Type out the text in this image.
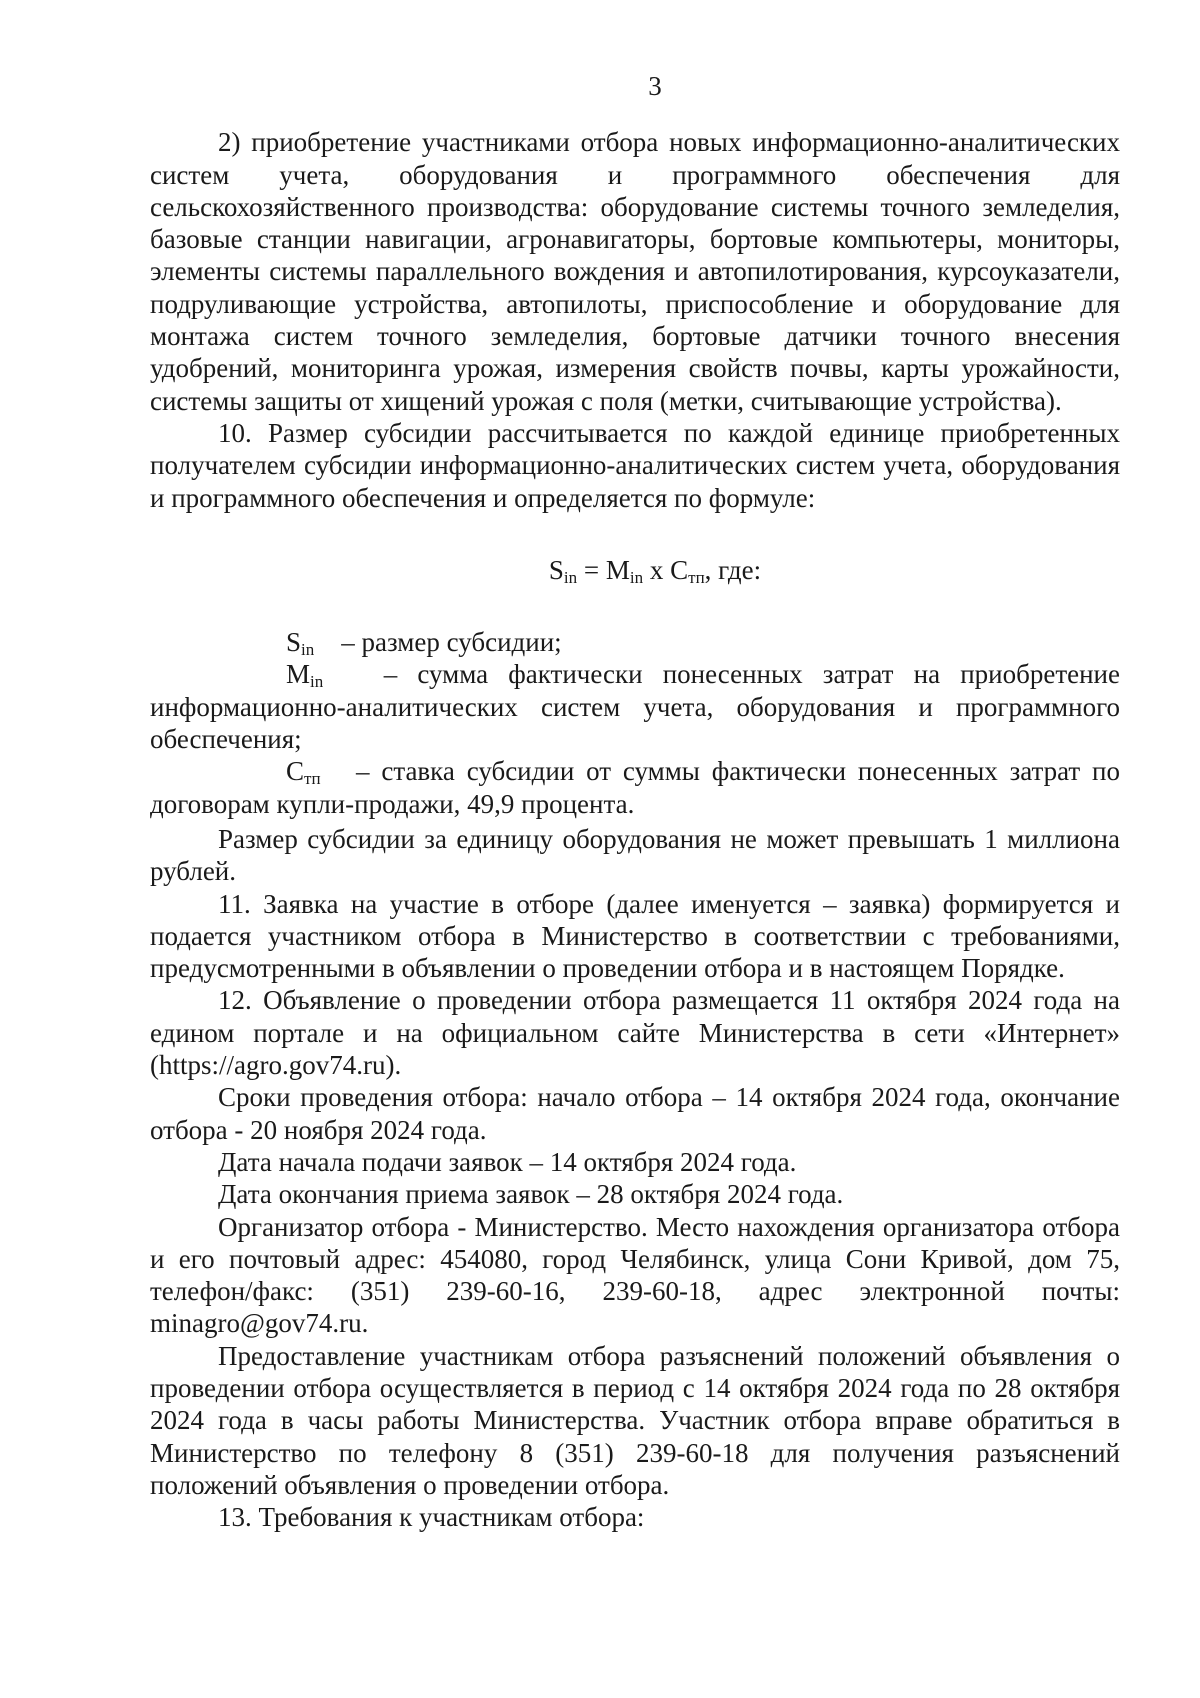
3

2) приобретение участниками отбора новых информационно-аналитических систем учета, оборудования и программного обеспечения для сельскохозяйственного производства: оборудование системы точного земледелия, базовые станции навигации, агронавигаторы, бортовые компьютеры, мониторы, элементы системы параллельного вождения и автопилотирования, курсоуказатели, подруливающие устройства, автопилоты, приспособление и оборудование для монтажа систем точного земледелия, бортовые датчики точного внесения удобрений, мониторинга урожая, измерения свойств почвы, карты урожайности, системы защиты от хищений урожая с поля (метки, считывающие устройства).

10. Размер субсидии рассчитывается по каждой единице приобретенных получателем субсидии информационно-аналитических систем учета, оборудования и программного обеспечения и определяется по формуле:

$S_{in} = M_{in}$ x $C_{тп}$, где:

$S_{in}$ – размер субсидии;

$M_{in}$ – сумма фактически понесенных затрат на приобретение информационно-аналитических систем учета, оборудования и программного обеспечения;

$C_{тп}$ – ставка субсидии от суммы фактически понесенных затрат по договорам купли-продажи, 49,9 процента.

Размер субсидии за единицу оборудования не может превышать 1 миллиона рублей.

11. Заявка на участие в отборе (далее именуется – заявка) формируется и подается участником отбора в Министерство в соответствии с требованиями, предусмотренными в объявлении о проведении отбора и в настоящем Порядке.

12. Объявление о проведении отбора размещается 11 октября 2024 года на едином портале и на официальном сайте Министерства в сети «Интернет» (https://agro.gov74.ru).

Сроки проведения отбора: начало отбора – 14 октября 2024 года, окончание отбора - 20 ноября 2024 года.

Дата начала подачи заявок – 14 октября 2024 года.

Дата окончания приема заявок – 28 октября 2024 года.

Организатор отбора - Министерство. Место нахождения организатора отбора и его почтовый адрес: 454080, город Челябинск, улица Сони Кривой, дом 75, телефон/факс: (351) 239-60-16, 239-60-18, адрес электронной почты: minagro@gov74.ru.

Предоставление участникам отбора разъяснений положений объявления о проведении отбора осуществляется в период с 14 октября 2024 года по 28 октября 2024 года в часы работы Министерства. Участник отбора вправе обратиться в Министерство по телефону 8 (351) 239-60-18 для получения разъяснений положений объявления о проведении отбора.

13. Требования к участникам отбора:
